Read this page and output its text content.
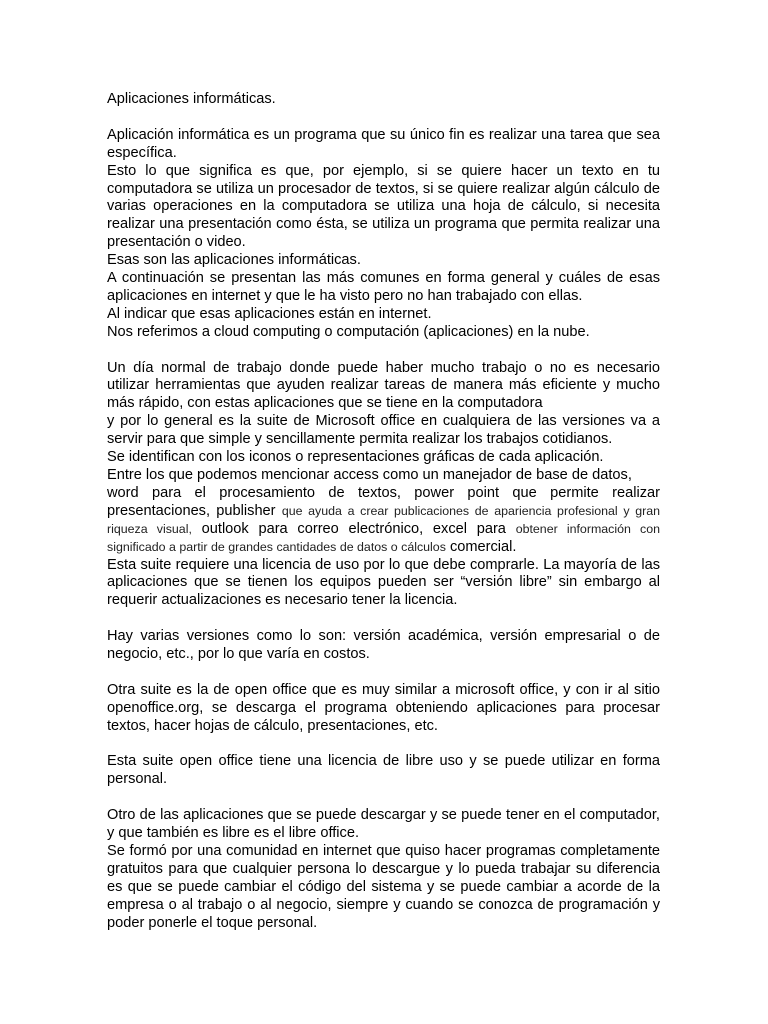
Aplicaciones informáticas.

Aplicación informática es un programa que su único fin es realizar una tarea que sea específica.

Esto lo que significa es que, por ejemplo, si se quiere hacer un texto en tu computadora se utiliza un procesador de textos, si se quiere realizar algún cálculo de varias operaciones en la computadora se utiliza una hoja de cálculo, si necesita realizar una presentación como ésta, se utiliza un programa que permita realizar una presentación o video.

Esas son las aplicaciones informáticas.

A continuación se presentan las más comunes en forma general y cuáles de esas aplicaciones en internet y que le ha visto pero no han trabajado con ellas.

Al indicar que esas aplicaciones están en internet.

Nos referimos a cloud computing o computación (aplicaciones) en la nube.

Un día normal de trabajo donde puede haber mucho trabajo o no es necesario utilizar herramientas que ayuden realizar tareas de manera más eficiente y mucho más rápido, con estas aplicaciones que se tiene en la computadora

y por lo general es la suite de Microsoft office en cualquiera de las versiones va a servir para que simple y sencillamente permita realizar los trabajos cotidianos.

Se identifican con los iconos o representaciones gráficas de cada aplicación.

Entre los que podemos mencionar access como un manejador de base de datos,

word para el procesamiento de textos, power point que permite realizar presentaciones, publisher que ayuda a crear publicaciones de apariencia profesional y gran riqueza visual, outlook para correo electrónico, excel para obtener información con significado a partir de grandes cantidades de datos o cálculos comercial.

Esta suite requiere una licencia de uso por lo que debe comprarle. La mayoría de las aplicaciones que se tienen los equipos pueden ser “versión libre” sin embargo al requerir actualizaciones es necesario tener la licencia.

Hay varias versiones como lo son: versión académica, versión empresarial o de negocio, etc., por lo que varía en costos.

Otra suite es la de open office que es muy similar a microsoft office, y con ir al sitio openoffice.org, se descarga el programa obteniendo aplicaciones para procesar textos, hacer hojas de cálculo, presentaciones, etc.

Esta suite open office tiene una licencia de libre uso y se puede utilizar en forma personal.

Otro de las aplicaciones que se puede descargar y se puede tener en el computador, y que también es libre es el libre office.

Se formó por una comunidad en internet que quiso hacer programas completamente gratuitos para que cualquier persona lo descargue y lo pueda trabajar su diferencia es que se puede cambiar el código del sistema y se puede cambiar a acorde de la empresa o al trabajo o al negocio, siempre y cuando se conozca de programación y poder ponerle el toque personal.
